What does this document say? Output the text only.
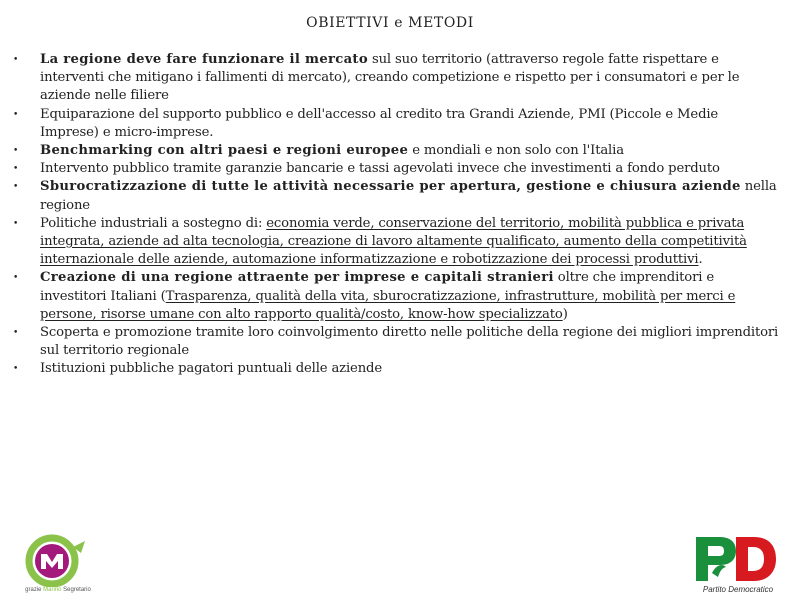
OBIETTIVI e METODI
• La regione deve fare funzionare il mercato sul suo territorio (attraverso regole fatte rispettare e interventi che mitigano i fallimenti di mercato), creando competizione e rispetto per i consumatori e per le aziende nelle filiere
• Equiparazione del supporto pubblico e dell'accesso al credito tra Grandi Aziende, PMI (Piccole e Medie Imprese) e micro-imprese.
• Benchmarking con altri paesi e regioni europee e mondiali e non solo con l'Italia
• Intervento pubblico tramite garanzie bancarie e tassi agevolati invece che investimenti a fondo perduto
• Sburocratizzazione di tutte le attività necessarie per apertura, gestione e chiusura aziende nella regione
• Politiche industriali a sostegno di: economia verde, conservazione del territorio, mobilità pubblica e privata integrata, aziende ad alta tecnologia, creazione di lavoro altamente qualificato, aumento della competitività internazionale delle aziende, automazione informatizzazione e robotizzazione dei processi produttivi.
• Creazione di una regione attraente per imprese e capitali stranieri oltre che imprenditori e investitori Italiani (Trasparenza, qualità della vita, sburocratizzazione, infrastrutture, mobilità per merci e persone, risorse umane con alto rapporto qualità/costo, know-how specializzato)
• Scoperta e promozione tramite loro coinvolgimento diretto nelle politiche della regione dei migliori imprenditori sul territorio regionale
• Istituzioni pubbliche pagatori puntuali delle aziende
grazie Marino Segretario	Partito Democratico
